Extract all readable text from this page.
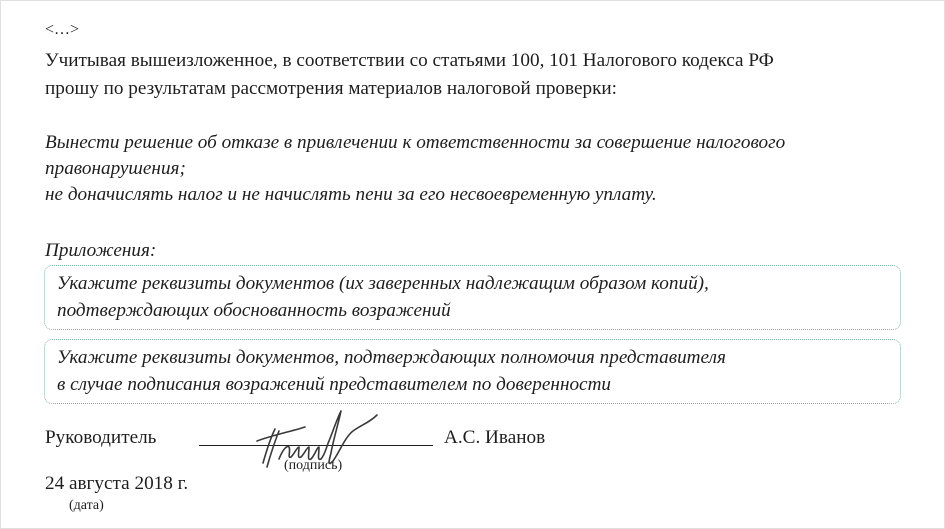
<…>
Учитывая вышеизложенное, в соответствии со статьями 100, 101 Налогового кодекса РФ
прошу по результатам рассмотрения материалов налоговой проверки:
Вынести решение об отказе в привлечении к ответственности за совершение налогового
правонарушения;
не доначислять налог и не начислять пени за его несвоевременную уплату.
Приложения:
Укажите реквизиты документов (их заверенных надлежащим образом копий),
подтверждающих обоснованность возражений
Укажите реквизиты документов, подтверждающих полномочия представителя
в случае подписания возражений представителем по доверенности
Руководитель	А.С. Иванов
(подпись)
24 августа 2018 г.
(дата)
